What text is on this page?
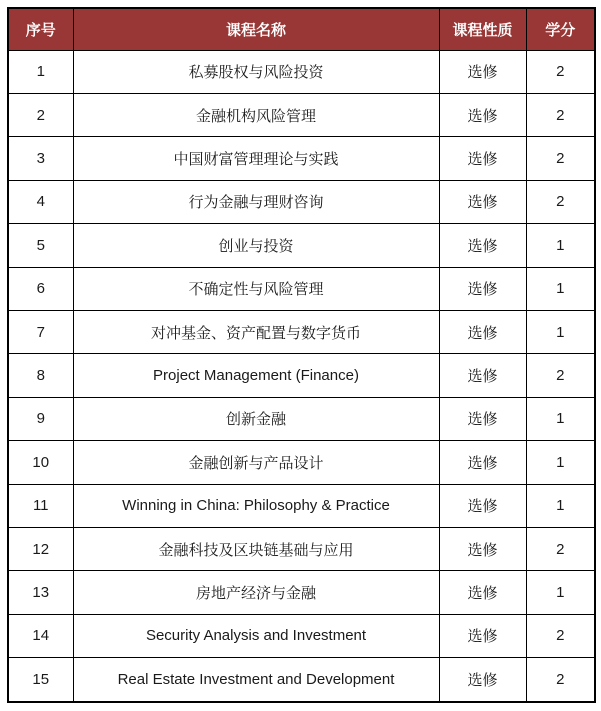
序号	课程名称	课程性质	学分
1	私募股权与风险投资	选修	2
2	金融机构风险管理	选修	2
3	中国财富管理理论与实践	选修	2
4	行为金融与理财咨询	选修	2
5	创业与投资	选修	1
6	不确定性与风险管理	选修	1
7	对冲基金、资产配置与数字货币	选修	1
8	Project Management (Finance)	选修	2
9	创新金融	选修	1
10	金融创新与产品设计	选修	1
11	Winning in China: Philosophy & Practice	选修	1
12	金融科技及区块链基础与应用	选修	2
13	房地产经济与金融	选修	1
14	Security Analysis and Investment	选修	2
15	Real Estate Investment and Development	选修	2
